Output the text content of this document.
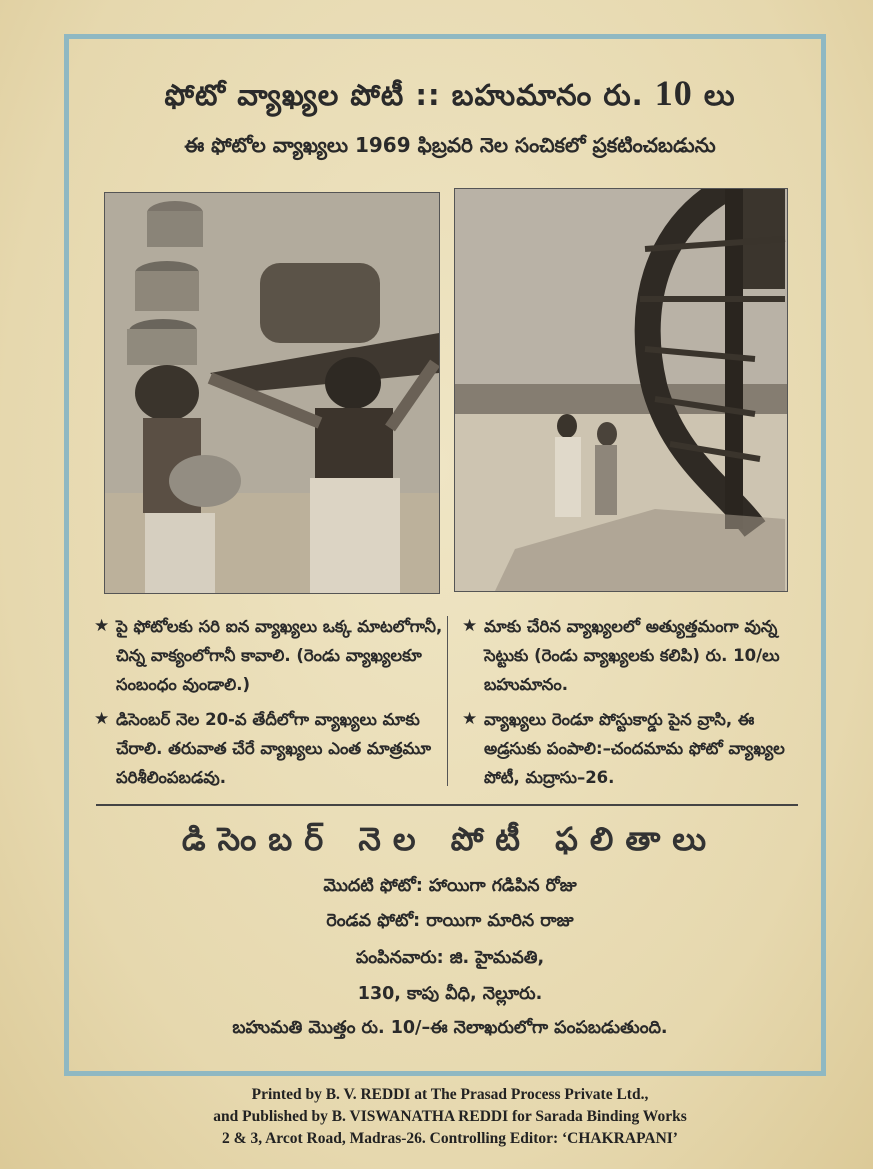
ఫోటో వ్యాఖ్యల పోటీ :: బహుమానం రు. 10 లు
ఈ ఫోటోల వ్యాఖ్యలు 1969 ఫిబ్రవరి నెల సంచికలో ప్రకటించబడును
★ పై ఫోటోలకు సరి ఐన వ్యాఖ్యలు ఒక్క మాటలోగానీ, చిన్న వాక్యంలోగానీ కావాలి. (రెండు వ్యాఖ్యలకూ సంబంధం వుండాలి.)
★ డిసెంబర్ నెల 20-వ తేదీలోగా వ్యాఖ్యలు మాకు చేరాలి. తరువాత చేరే వ్యాఖ్యలు ఎంత మాత్రమూ పరిశీలింపబడవు.
★ మాకు చేరిన వ్యాఖ్యలలో అత్యుత్తమంగా వున్న సెట్టుకు (రెండు వ్యాఖ్యలకు కలిపి) రు. 10/లు బహుమానం.
★ వ్యాఖ్యలు రెండూ పోస్టుకార్డు పైన వ్రాసి, ఈ అడ్రసుకు పంపాలి:–చందమామ ఫోటో వ్యాఖ్యల పోటీ, మద్రాసు–26.
డిసెంబర్ నెల పోటీ ఫలితాలు
మొదటి ఫోటో: హాయిగా గడిపిన రోజు
రెండవ ఫోటో: రాయిగా మారిన రాజు
పంపినవారు: జి. హైమవతి,
130, కాపు వీధి, నెల్లూరు.
బహుమతి మొత్తం రు. 10/–ఈ నెలాఖరులోగా పంపబడుతుంది.
Printed by B. V. REDDI at The Prasad Process Private Ltd.,
and Published by B. VISWANATHA REDDI for Sarada Binding Works
2 & 3, Arcot Road, Madras-26. Controlling Editor: ‘CHAKRAPANI’
